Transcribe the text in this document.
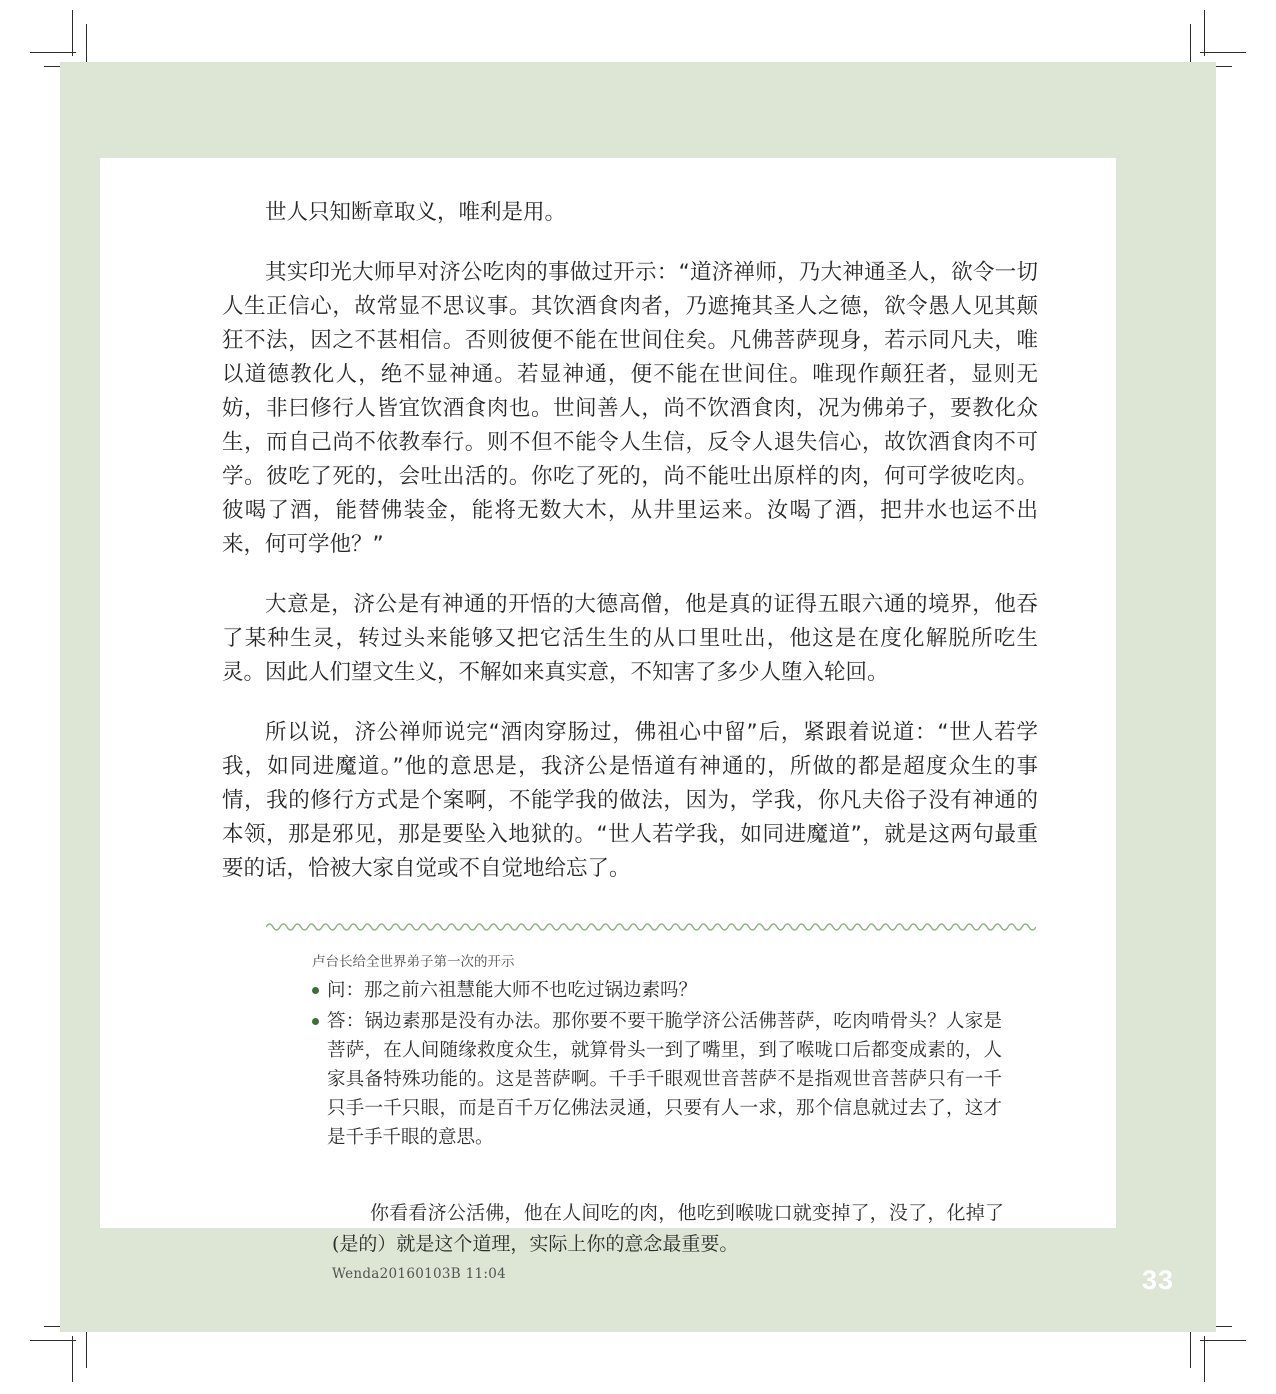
33

世人只知断章取义，唯利是用。

其实印光大师早对济公吃肉的事做过开示：“道济禅师，乃大神通圣人，欲令一切人生正信心，故常显不思议事。其饮酒食肉者，乃遮掩其圣人之德，欲令愚人见其颠狂不法，因之不甚相信。否则彼便不能在世间住矣。凡佛菩萨现身，若示同凡夫，唯以道德教化人，绝不显神通。若显神通，便不能在世间住。唯现作颠狂者，显则无妨，非曰修行人皆宜饮酒食肉也。世间善人，尚不饮酒食肉，况为佛弟子，要教化众生，而自己尚不依教奉行。则不但不能令人生信，反令人退失信心，故饮酒食肉不可学。彼吃了死的，会吐出活的。你吃了死的，尚不能吐出原样的肉，何可学彼吃肉。彼喝了酒，能替佛装金，能将无数大木，从井里运来。汝喝了酒，把井水也运不出来，何可学他？”

大意是，济公是有神通的开悟的大德高僧，他是真的证得五眼六通的境界，他吞了某种生灵，转过头来能够又把它活生生的从口里吐出，他这是在度化解脱所吃生灵。因此人们望文生义，不解如来真实意，不知害了多少人堕入轮回。

所以说，济公禅师说完“酒肉穿肠过，佛祖心中留”后，紧跟着说道：“世人若学我，如同进魔道。”他的意思是，我济公是悟道有神通的，所做的都是超度众生的事情，我的修行方式是个案啊，不能学我的做法，因为，学我，你凡夫俗子没有神通的本领，那是邪见，那是要坠入地狱的。“世人若学我，如同进魔道”，就是这两句最重要的话，恰被大家自觉或不自觉地给忘了。

卢台长给全世界弟子第一次的开示
问：那之前六祖慧能大师不也吃过锅边素吗？
答：锅边素那是没有办法。那你要不要干脆学济公活佛菩萨，吃肉啃骨头？人家是菩萨，在人间随缘救度众生，就算骨头一到了嘴里，到了喉咙口后都变成素的，人家具备特殊功能的。这是菩萨啊。千手千眼观世音菩萨不是指观世音菩萨只有一千只手一千只眼，而是百千万亿佛法灵通，只要有人一求，那个信息就过去了，这才是千手千眼的意思。

你看看济公活佛，他在人间吃的肉，他吃到喉咙口就变掉了，没了，化掉了(是的）就是这个道理，实际上你的意念最重要。

Wenda20160103B 11:04
